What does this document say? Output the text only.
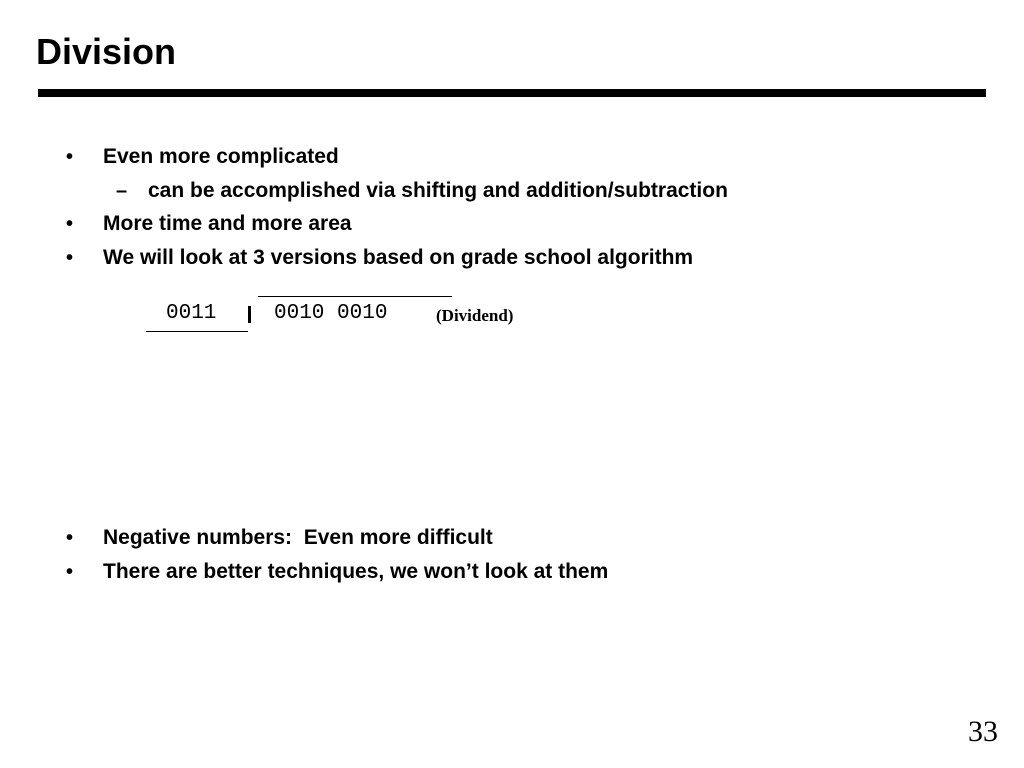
Division
• Even more complicated
– can be accomplished via shifting and addition/subtraction
• More time and more area
• We will look at 3 versions based on grade school algorithm
0011	0010 0010	(Dividend)
• Negative numbers:  Even more difficult
• There are better techniques, we won’t look at them
33
